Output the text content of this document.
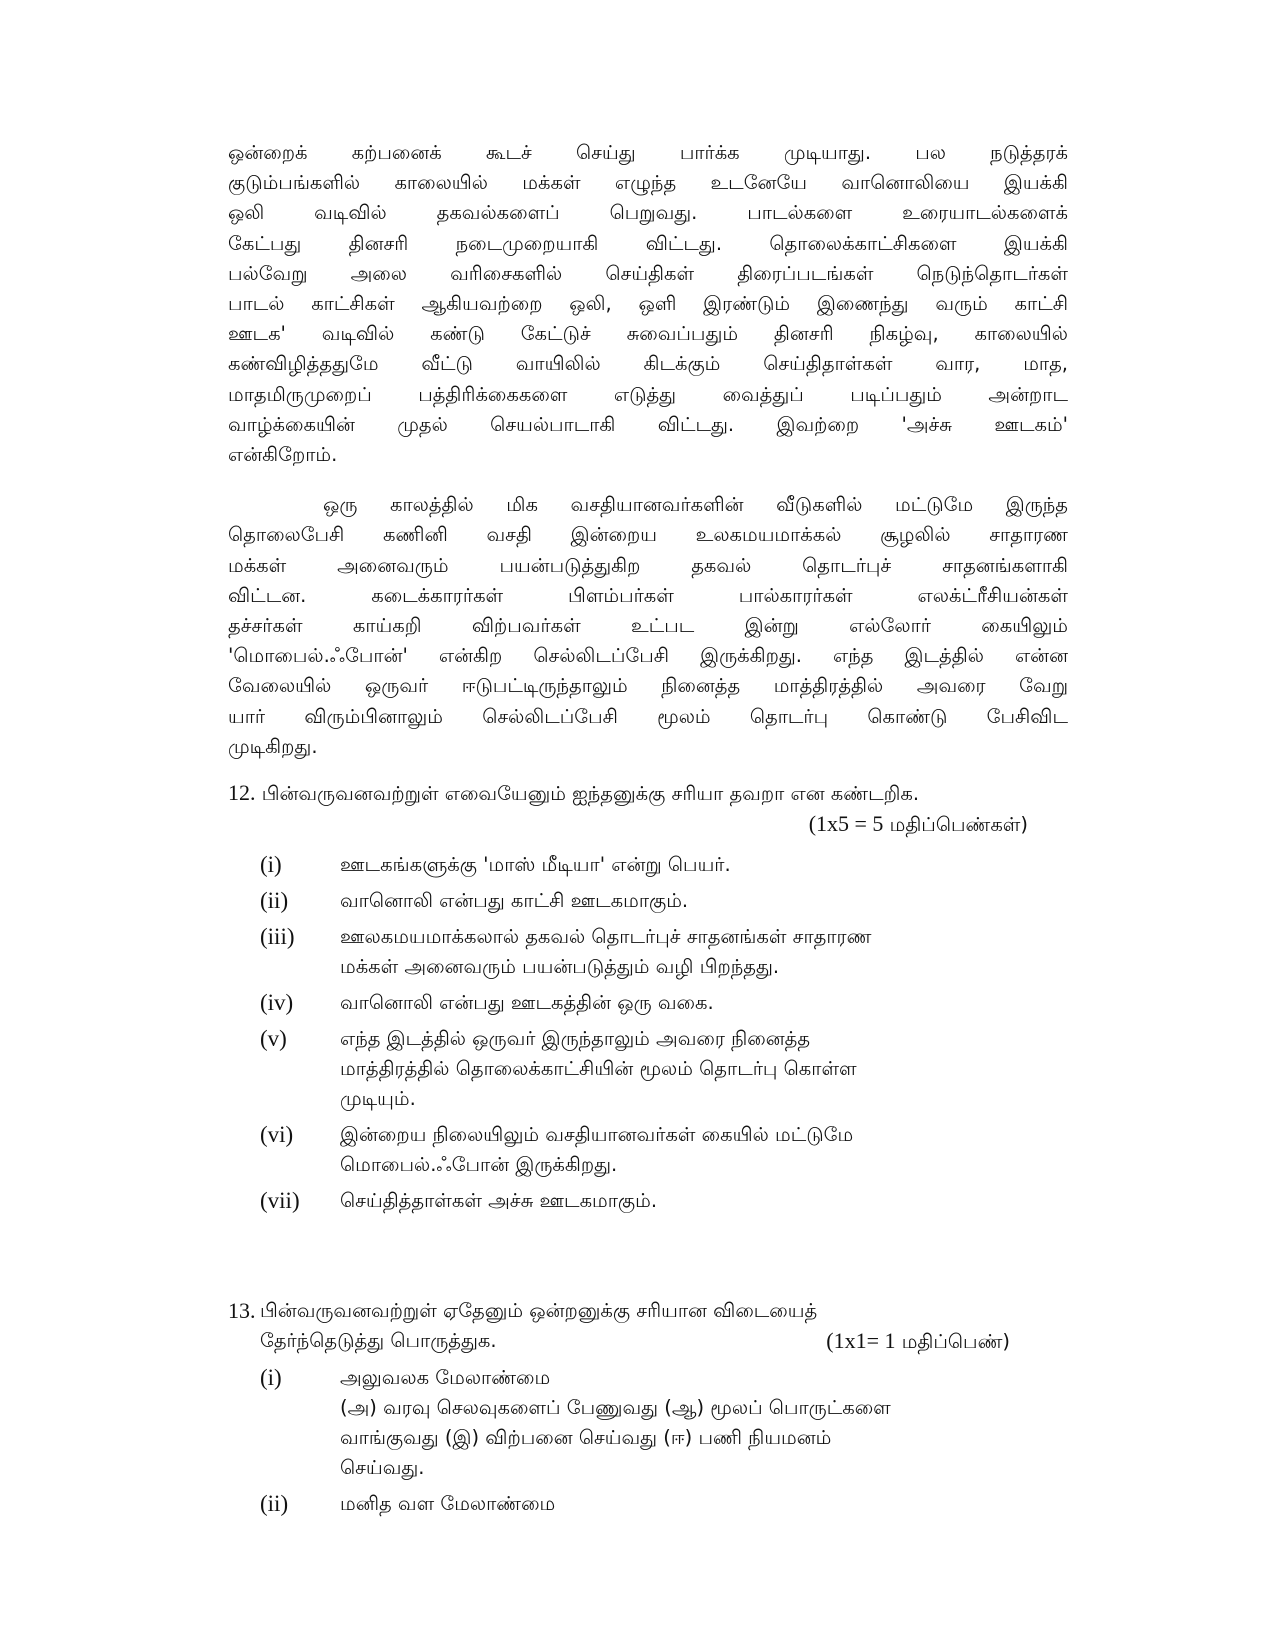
ஒன்றைக் கற்பனைக் கூடச் செய்து பார்க்க முடியாது. பல நடுத்தரக்
குடும்பங்களில் காலையில் மக்கள் எழுந்த உடனேயே வானொலியை இயக்கி
ஒலி வடிவில் தகவல்களைப் பெறுவது. பாடல்களை உரையாடல்களைக்
கேட்பது தினசரி நடைமுறையாகி விட்டது. தொலைக்காட்சிகளை இயக்கி
பல்வேறு அலை வரிசைகளில் செய்திகள் திரைப்படங்கள் நெடுந்தொடர்கள்
பாடல் காட்சிகள் ஆகியவற்றை ஒலி, ஒளி இரண்டும் இணைந்து வரும் காட்சி
ஊடக' வடிவில் கண்டு கேட்டுச் சுவைப்பதும் தினசரி நிகழ்வு, காலையில்
கண்விழித்ததுமே வீட்டு வாயிலில் கிடக்கும் செய்திதாள்கள் வார, மாத,
மாதமிருமுறைப் பத்திரிக்கைகளை எடுத்து வைத்துப் படிப்பதும் அன்றாட
வாழ்க்கையின் முதல் செயல்பாடாகி விட்டது. இவற்றை 'அச்சு ஊடகம்'
என்கிறோம்.
ஒரு காலத்தில் மிக வசதியானவர்களின் வீடுகளில் மட்டுமே இருந்த
தொலைபேசி கணினி வசதி இன்றைய உலகமயமாக்கல் சூழலில் சாதாரண
மக்கள் அனைவரும் பயன்படுத்துகிற தகவல் தொடர்புச் சாதனங்களாகி
விட்டன. கடைக்காரர்கள் பிளம்பர்கள் பால்காரர்கள் எலக்ட்ரீசியன்கள்
தச்சர்கள் காய்கறி விற்பவர்கள் உட்பட இன்று எல்லோர் கையிலும்
'மொபைல்.ஃபோன்' என்கிற செல்லிடப்பேசி இருக்கிறது. எந்த இடத்தில் என்ன
வேலையில் ஒருவர் ஈடுபட்டிருந்தாலும் நினைத்த மாத்திரத்தில் அவரை வேறு
யார் விரும்பினாலும் செல்லிடப்பேசி மூலம் தொடர்பு கொண்டு பேசிவிட
முடிகிறது.
12. பின்வருவனவற்றுள் எவையேனும் ஐந்தனுக்கு சரியா தவறா என கண்டறிக.
(1x5 = 5 மதிப்பெண்கள்)
(i)	ஊடகங்களுக்கு 'மாஸ் மீடியா' என்று பெயர்.
(ii)	வானொலி என்பது காட்சி ஊடகமாகும்.
(iii)	ஊலகமயமாக்கலால் தகவல் தொடர்புச் சாதனங்கள் சாதாரண
மக்கள் அனைவரும் பயன்படுத்தும் வழி பிறந்தது.
(iv)	வானொலி என்பது ஊடகத்தின் ஒரு வகை.
(v)	எந்த இடத்தில் ஒருவர் இருந்தாலும் அவரை நினைத்த
மாத்திரத்தில் தொலைக்காட்சியின் மூலம் தொடர்பு கொள்ள
முடியும்.
(vi)	இன்றைய நிலையிலும் வசதியானவர்கள் கையில் மட்டுமே
மொபைல்.ஃபோன் இருக்கிறது.
(vii)	செய்தித்தாள்கள் அச்சு ஊடகமாகும்.
13. பின்வருவனவற்றுள் ஏதேனும் ஒன்றனுக்கு சரியான விடையைத்
தேர்ந்தெடுத்து பொருத்துக.	(1x1= 1 மதிப்பெண்)
(i)	அலுவலக மேலாண்மை
(அ) வரவு செலவுகளைப் பேணுவது (ஆ) மூலப் பொருட்களை
வாங்குவது (இ) விற்பனை செய்வது (ஈ) பணி நியமனம்
செய்வது.
(ii)	மனித வள மேலாண்மை
